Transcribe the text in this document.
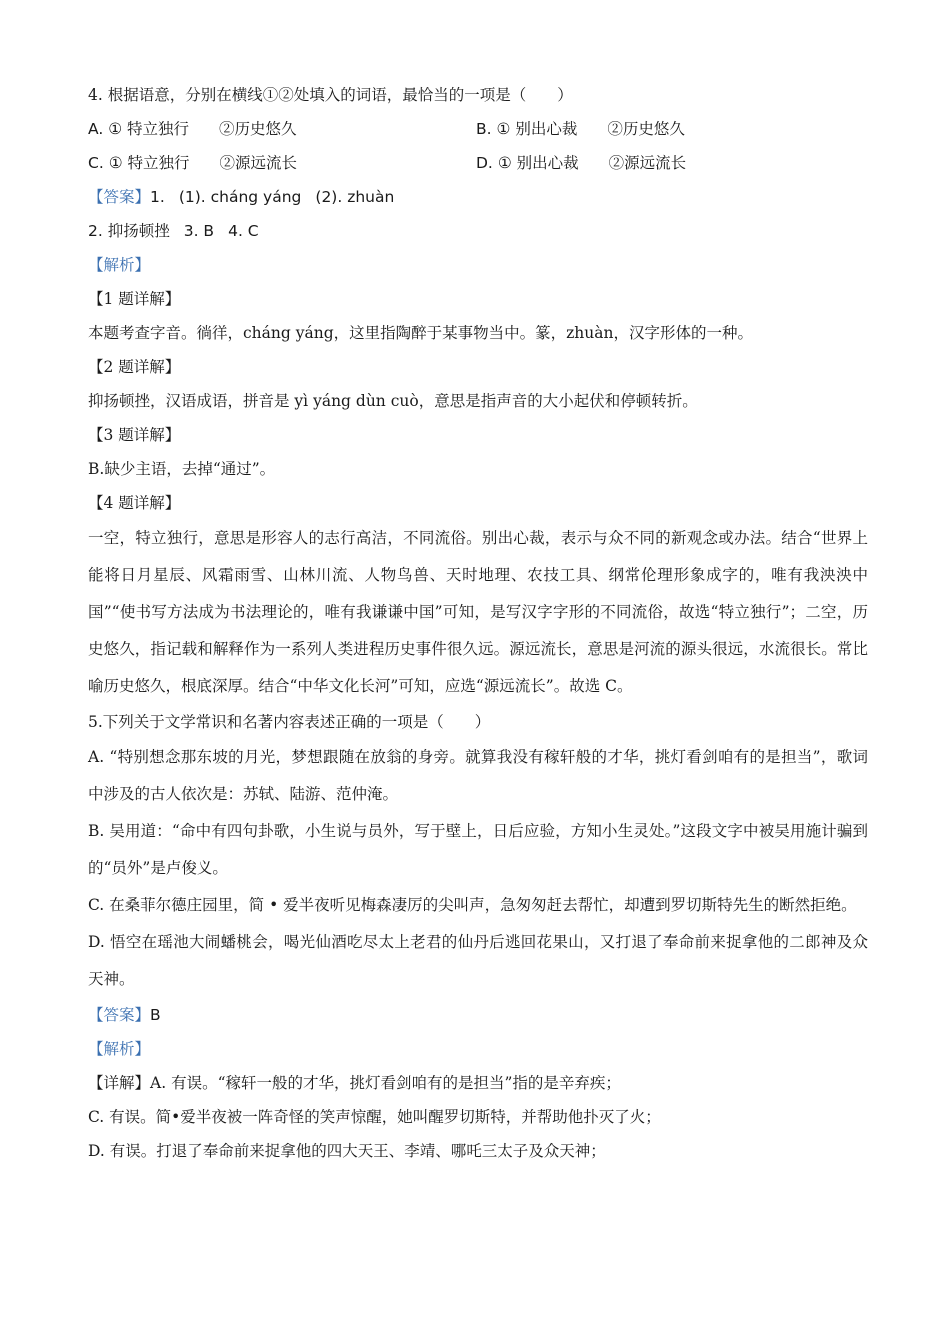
4. 根据语意，分别在横线①②处填入的词语，最恰当的一项是（　　）
A. ① 特立独行 ②历史悠久	B. ① 别出心裁 ②历史悠久
C. ① 特立独行 ②源远流长	D. ① 别出心裁 ②源远流长
【答案】1. (1). cháng yáng (2). zhuàn
2. 抑扬顿挫 3. B 4. C
【解析】
【1 题详解】
本题考查字音。徜徉，cháng yáng，这里指陶醉于某事物当中。篆，zhuàn，汉字形体的一种。
【2 题详解】
抑扬顿挫，汉语成语，拼音是 yì yáng dùn cuò，意思是指声音的大小起伏和停顿转折。
【3 题详解】
B.缺少主语，去掉“通过”。
【4 题详解】
一空，特立独行，意思是形容人的志行高洁，不同流俗。别出心裁，表示与众不同的新观念或办法。结合“世界上能将日月星辰、风霜雨雪、山林川流、人物鸟兽、天时地理、农技工具、纲常伦理形象成字的，唯有我泱泱中国”“使书写方法成为书法理论的，唯有我谦谦中国”可知，是写汉字字形的不同流俗，故选“特立独行”；二空，历史悠久，指记载和解释作为一系列人类进程历史事件很久远。源远流长，意思是河流的源头很远，水流很长。常比喻历史悠久，根底深厚。结合“中华文化长河”可知，应选“源远流长”。故选 C。
5.下列关于文学常识和名著内容表述正确的一项是（　　）
A. “特别想念那东坡的月光，梦想跟随在放翁的身旁。就算我没有稼轩般的才华，挑灯看剑咱有的是担当”，歌词中涉及的古人依次是：苏轼、陆游、范仲淹。
B. 吴用道：“命中有四句卦歌，小生说与员外，写于壁上，日后应验，方知小生灵处。”这段文字中被吴用施计骗到的“员外”是卢俊义。
C. 在桑菲尔德庄园里，简 • 爱半夜听见梅森凄厉的尖叫声，急匆匆赶去帮忙，却遭到罗切斯特先生的断然拒绝。
D. 悟空在瑶池大闹蟠桃会，喝光仙酒吃尽太上老君的仙丹后逃回花果山，又打退了奉命前来捉拿他的二郎神及众天神。
【答案】B
【解析】
【详解】A. 有误。“稼轩一般的才华，挑灯看剑咱有的是担当”指的是辛弃疾；
C. 有误。简•爱半夜被一阵奇怪的笑声惊醒，她叫醒罗切斯特，并帮助他扑灭了火；
D. 有误。打退了奉命前来捉拿他的四大天王、李靖、哪吒三太子及众天神；
